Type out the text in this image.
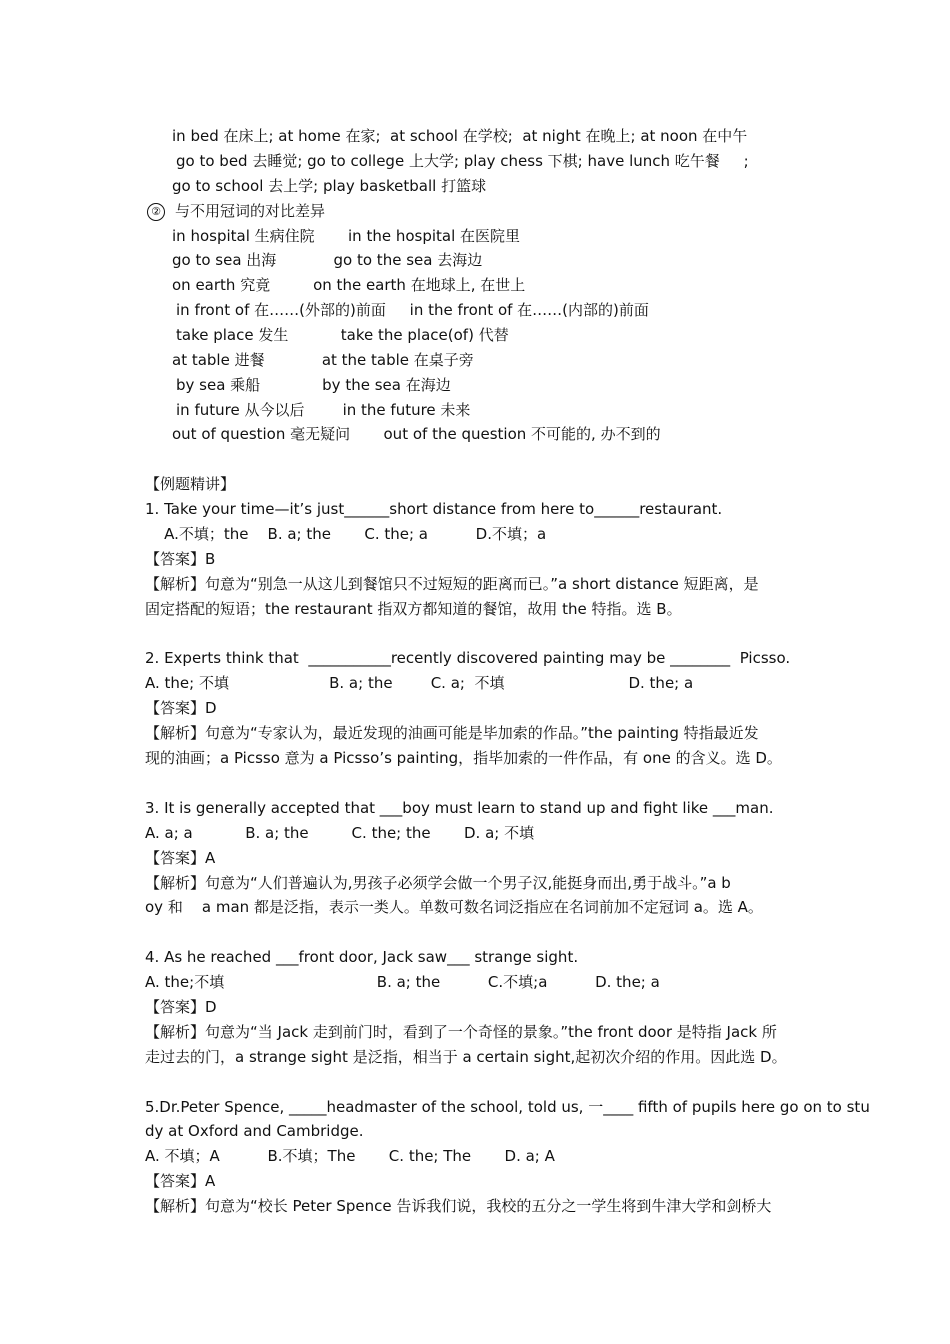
in bed 在床上; at home 在家;  at school 在学校;  at night 在晚上; at noon 在中午
go to bed 去睡觉; go to college 上大学; play chess 下棋; have lunch 吃午餐     ;
go to school 去上学; play basketball 打篮球
② 与不用冠词的对比差异
in hospital 生病住院       in the hospital 在医院里
go to sea 出海            go to the sea 去海边
on earth 究竟         on the earth 在地球上, 在世上
in front of 在……(外部的)前面     in the front of 在……(内部的)前面
take place 发生           take the place(of) 代替
at table 进餐            at the table 在桌子旁
by sea 乘船             by the sea 在海边
in future 从今以后        in the future 未来
out of question 毫无疑问       out of the question 不可能的, 办不到的
【例题精讲】
1. Take your time—it’s just______short distance from here to______restaurant.
A.不填；the    B. a; the       C. the; a          D.不填；a
【答案】B
【解析】句意为“别急一从这儿到餐馆只不过短短的距离而已。”a short distance 短距离，是
固定搭配的短语；the restaurant 指双方都知道的餐馆，故用 the 特指。选 B。
2. Experts think that  ___________recently discovered painting may be ________  Picsso.
A. the; 不填                     B. a; the        C. a;  不填                          D. the; a
【答案】D
【解析】句意为“专家认为，最近发现的油画可能是毕加索的作品。”the painting 特指最近发
现的油画；a Picsso 意为 a Picsso’s painting，指毕加索的一件作品，有 one 的含义。选 D。
3. It is generally accepted that ___boy must learn to stand up and fight like ___man.
A. a; a           B. a; the         C. the; the       D. a; 不填
【答案】A
【解析】句意为“人们普遍认为,男孩子必须学会做一个男子汉,能挺身而出,勇于战斗。”a b
oy 和    a man 都是泛指，表示一类人。单数可数名词泛指应在名词前加不定冠词 a。选 A。
4. As he reached ___front door, Jack saw___ strange sight.
A. the;不填                                B. a; the          C.不填;a          D. the; a
【答案】D
【解析】句意为“当 Jack 走到前门时，看到了一个奇怪的景象。”the front door 是特指 Jack 所
走过去的门，a strange sight 是泛指，相当于 a certain sight,起初次介绍的作用。因此选 D。
5.Dr.Peter Spence, _____headmaster of the school, told us, 一____ fifth of pupils here go on to stu
dy at Oxford and Cambridge.
A. 不填；A          B.不填；The       C. the; The       D. a; A
【答案】A
【解析】句意为“校长 Peter Spence 告诉我们说，我校的五分之一学生将到牛津大学和剑桥大
